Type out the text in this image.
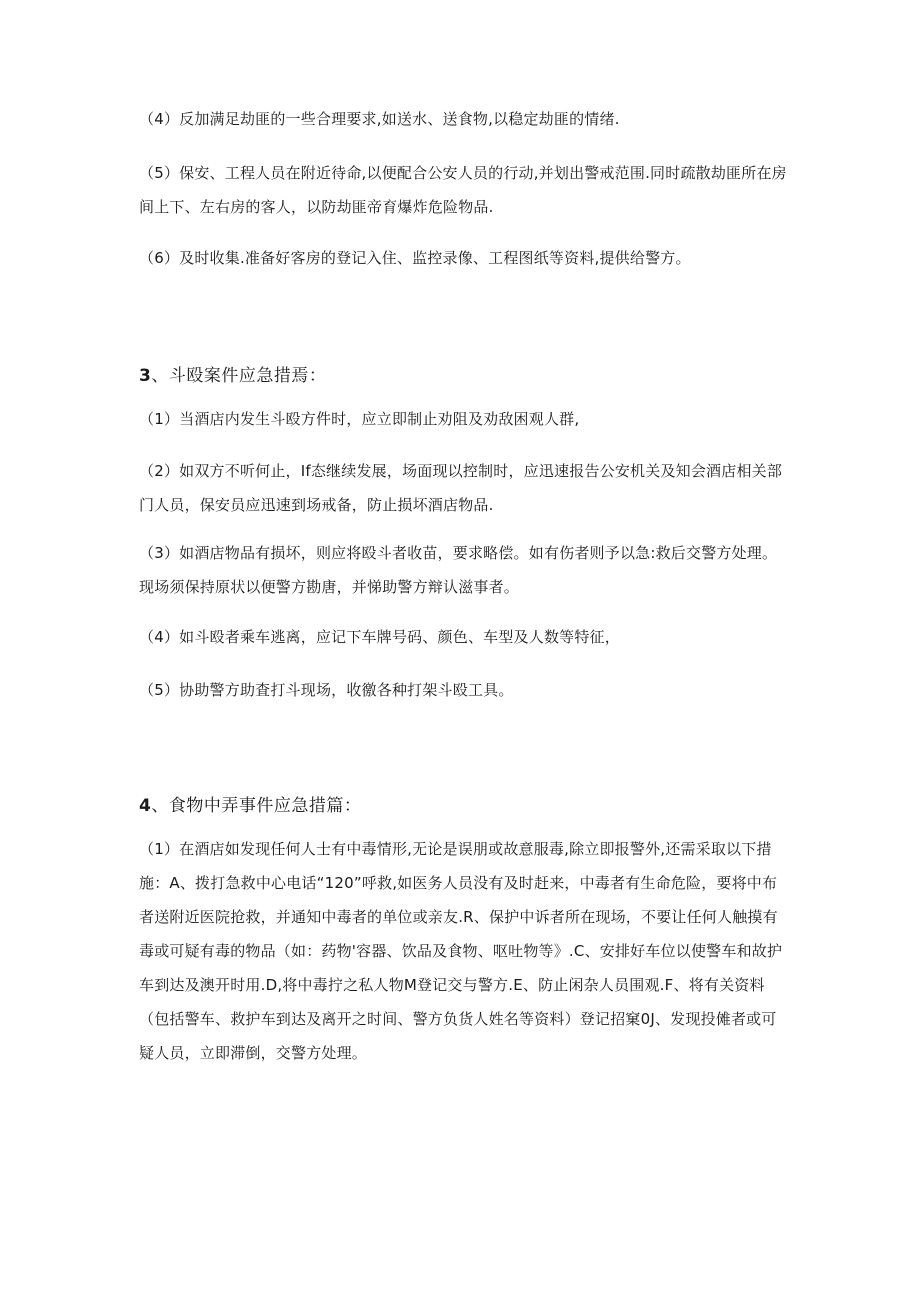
（4）反加满足劫匪的一些合理要求,如送水、送食物,以稳定劫匪的情绪.
（5）保安、工程人员在附近待命,以便配合公安人员的行动,并划出警戒范围.同时疏散劫匪所在房间上下、左右房的客人，以防劫匪帝育爆炸危险物品.
（6）及时收集.准备好客房的登记入住、监控录像、工程图纸等资料,提供给警方。
3、斗殴案件应急措焉：
（1）当酒店内发生斗殴方件时，应立即制止劝阻及劝敌困观人群,
（2）如双方不听何止，If态继续发展，场面现以控制时，应迅速报告公安机关及知会酒店相关部门人员，保安员应迅速到场戒备，防止损坏酒店物品.
（3）如酒店物品有损坏，则应将殴斗者收苗，要求略偿。如有伤者则予以急:救后交警方处理。现场须保持原状以便警方勘唐，并悌助警方辩认滋事者。
（4）如斗殴者乘车逃离，应记下车牌号码、颜色、车型及人数等特征，
（5）协助警方助査打斗现场，收徼各种打架斗殴工具。
4、食物中弄事件应急措篇：
（1）在酒店如发现任何人士有中毒情形,无论是误朋或故意服毒,除立即报警外,还需采取以下措施：A、拨打急救中心电话“120”呼救,如医务人员没有及时赶来，中毒者有生命危险，要将中布者送附近医院抢救，并通知中毒者的单位或亲友.R、保护中诉者所在现场，不要让任何人触摸有毒或可疑有毒的物品（如：药物'容器、饮品及食物、呕吐物等》.C、安排好车位以使警车和故护车到达及澳开时用.D,将中毒拧之私人物M登记交与警方.E、防止闲杂人员围观.F、将有关资料（包括警车、救护车到达及离开之时间、警方负货人姓名等资料）登记招窠0J、发现投傩者或可疑人员，立即滞倒，交警方处理。
